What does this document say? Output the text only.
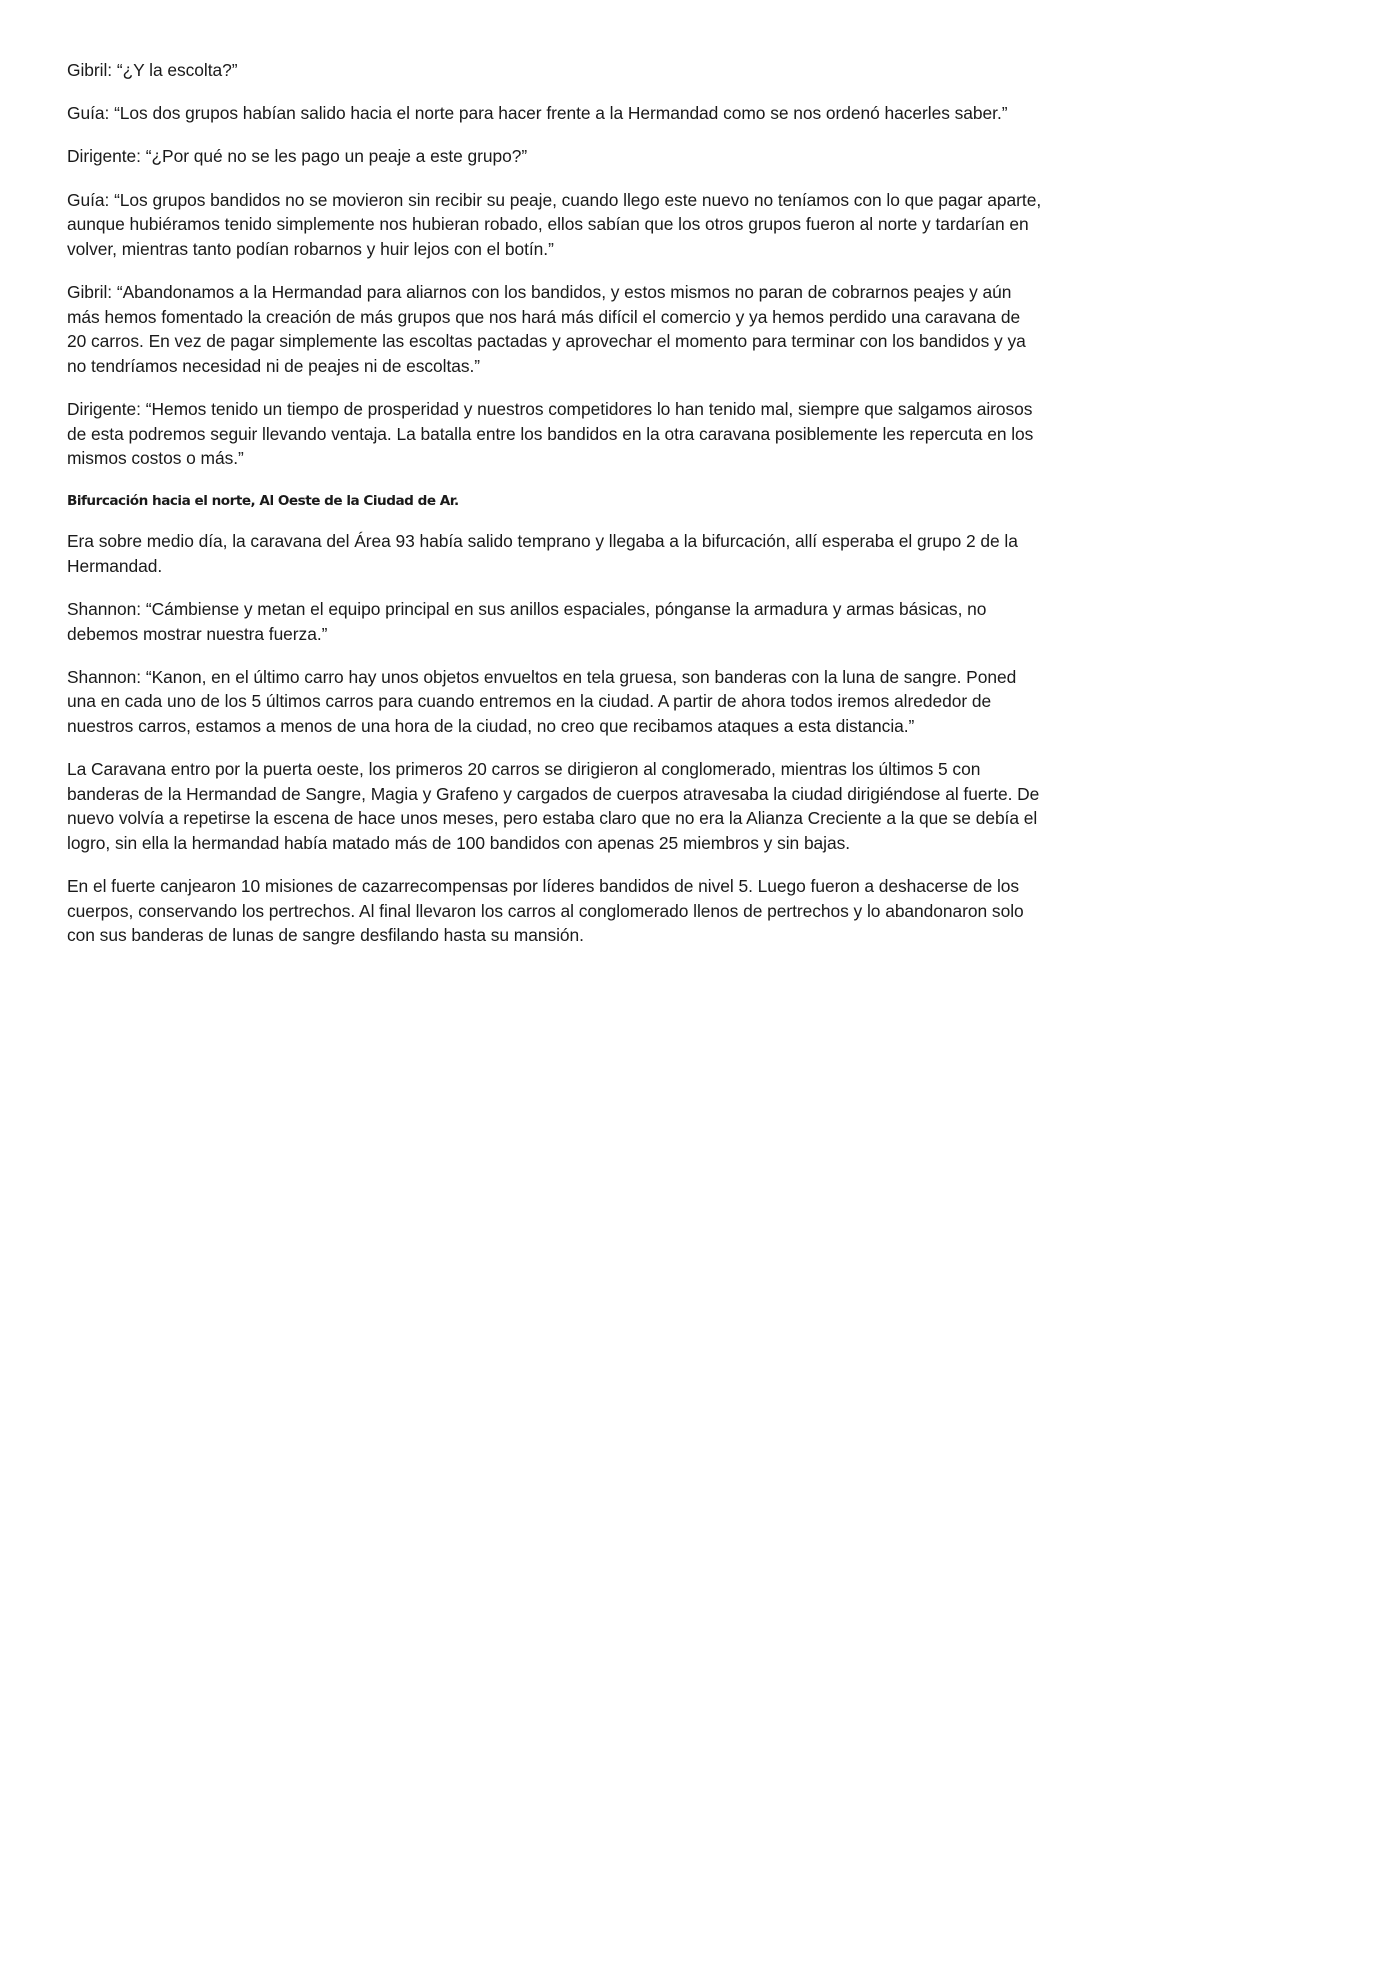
Gibril: “¿Y la escolta?”

Guía: “Los dos grupos habían salido hacia el norte para hacer frente a la Hermandad como se nos ordenó hacerles saber.”

Dirigente: “¿Por qué no se les pago un peaje a este grupo?”

Guía: “Los grupos bandidos no se movieron sin recibir su peaje, cuando llego este nuevo no teníamos con lo que pagar aparte, aunque hubiéramos tenido simplemente nos hubieran robado, ellos sabían que los otros grupos fueron al norte y tardarían en volver, mientras tanto podían robarnos y huir lejos con el botín.”

Gibril: “Abandonamos a la Hermandad para aliarnos con los bandidos, y estos mismos no paran de cobrarnos peajes y aún más hemos fomentado la creación de más grupos que nos hará más difícil el comercio y ya hemos perdido una caravana de 20 carros. En vez de pagar simplemente las escoltas pactadas y aprovechar el momento para terminar con los bandidos y ya no tendríamos necesidad ni de peajes ni de escoltas.”

Dirigente: “Hemos tenido un tiempo de prosperidad y nuestros competidores lo han tenido mal, siempre que salgamos airosos de esta podremos seguir llevando ventaja. La batalla entre los bandidos en la otra caravana posiblemente les repercuta en los mismos costos o más.”

Bifurcación hacia el norte, Al Oeste de la Ciudad de Ar.

Era sobre medio día, la caravana del Área 93 había salido temprano y llegaba a la bifurcación, allí esperaba el grupo 2 de la Hermandad.

Shannon: “Cámbiense y metan el equipo principal en sus anillos espaciales, pónganse la armadura y armas básicas, no debemos mostrar nuestra fuerza.”

Shannon: “Kanon, en el último carro hay unos objetos envueltos en tela gruesa, son banderas con la luna de sangre. Poned una en cada uno de los 5 últimos carros para cuando entremos en la ciudad. A partir de ahora todos iremos alrededor de nuestros carros, estamos a menos de una hora de la ciudad, no creo que recibamos ataques a esta distancia.”

La Caravana entro por la puerta oeste, los primeros 20 carros se dirigieron al conglomerado, mientras los últimos 5 con banderas de la Hermandad de Sangre, Magia y Grafeno y cargados de cuerpos atravesaba la ciudad dirigiéndose al fuerte. De nuevo volvía a repetirse la escena de hace unos meses, pero estaba claro que no era la Alianza Creciente a la que se debía el logro, sin ella la hermandad había matado más de 100 bandidos con apenas 25 miembros y sin bajas.

En el fuerte canjearon 10 misiones de cazarrecompensas por líderes bandidos de nivel 5. Luego fueron a deshacerse de los cuerpos, conservando los pertrechos. Al final llevaron los carros al conglomerado llenos de pertrechos y lo abandonaron solo con sus banderas de lunas de sangre desfilando hasta su mansión.
